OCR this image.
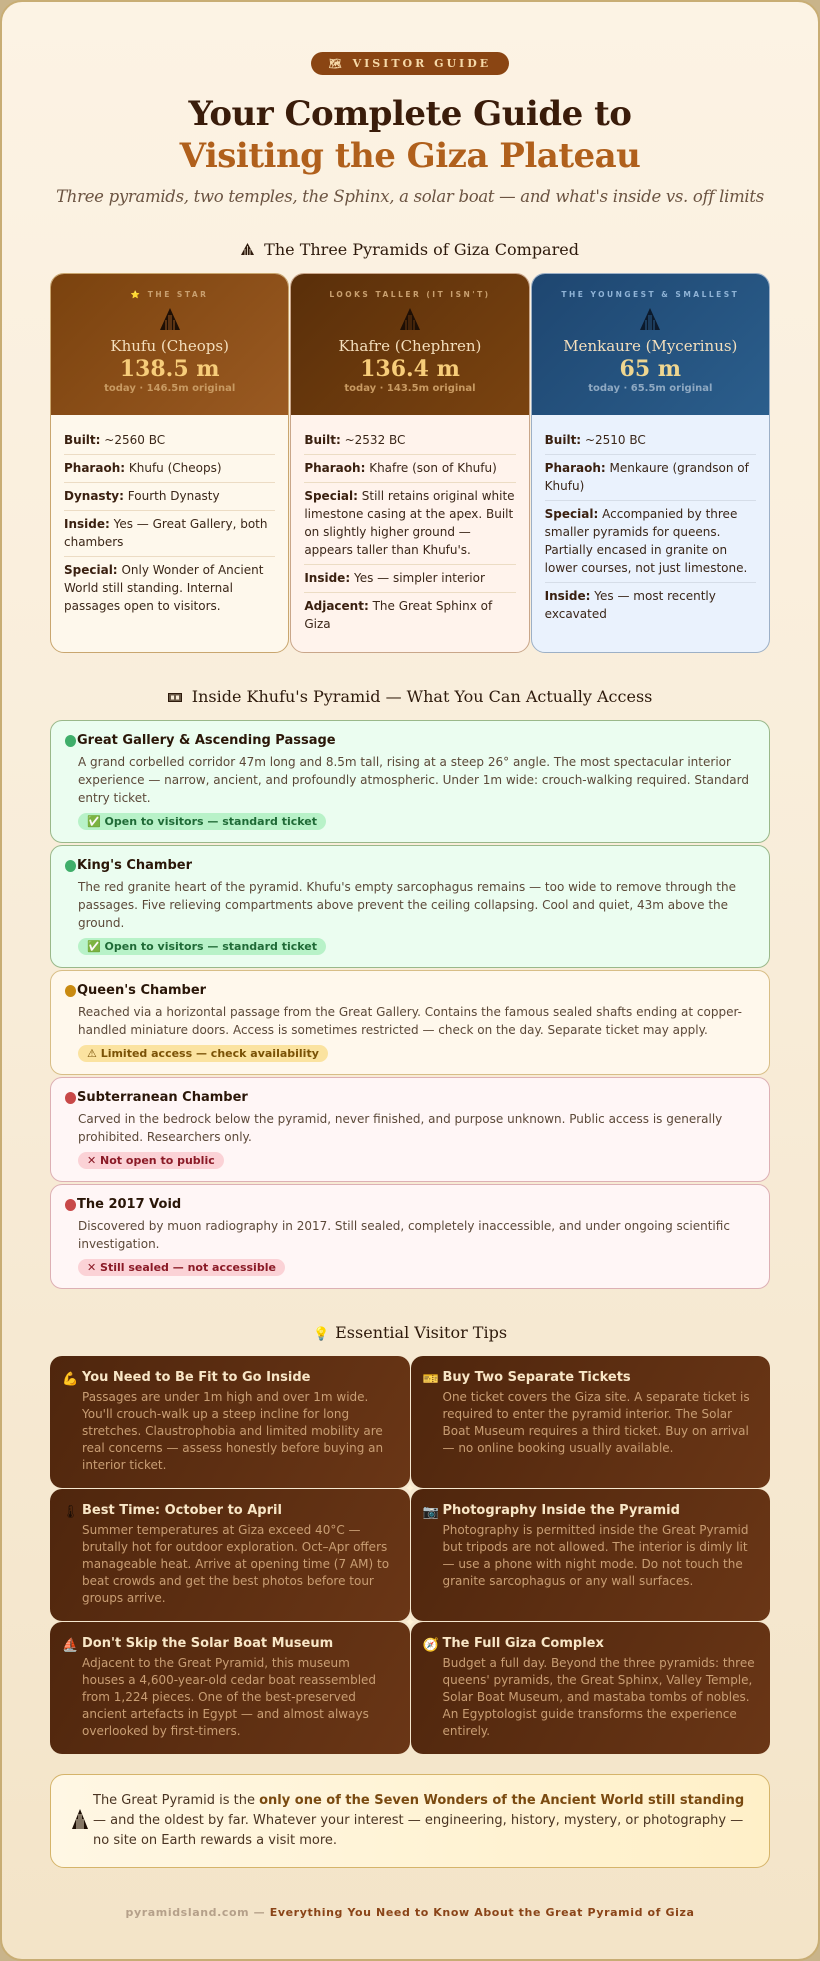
🗺 VISITOR GUIDE
Your Complete Guide to
Visiting the Giza Plateau
Three pyramids, two temples, the Sphinx, a solar boat — and what's inside vs. off limits
The Three Pyramids of Giza Compared
⭐ THE STAR
Khufu (Cheops)
138.5 m
today · 146.5m original
Built: ~2560 BC
Pharaoh: Khufu (Cheops)
Dynasty: Fourth Dynasty
Inside: Yes — Great Gallery, both chambers
Special: Only Wonder of Ancient World still standing. Internal passages open to visitors.
LOOKS TALLER (IT ISN'T)
Khafre (Chephren)
136.4 m
today · 143.5m original
Built: ~2532 BC
Pharaoh: Khafre (son of Khufu)
Special: Still retains original white limestone casing at the apex. Built on slightly higher ground — appears taller than Khufu's.
Inside: Yes — simpler interior
Adjacent: The Great Sphinx of Giza
THE YOUNGEST & SMALLEST
Menkaure (Mycerinus)
65 m
today · 65.5m original
Built: ~2510 BC
Pharaoh: Menkaure (grandson of Khufu)
Special: Accompanied by three smaller pyramids for queens. Partially encased in granite on lower courses, not just limestone.
Inside: Yes — most recently excavated
Inside Khufu's Pyramid — What You Can Actually Access
Great Gallery & Ascending Passage
A grand corbelled corridor 47m long and 8.5m tall, rising at a steep 26° angle. The most spectacular interior experience — narrow, ancient, and profoundly atmospheric. Under 1m wide: crouch-walking required. Standard entry ticket.
✅ Open to visitors — standard ticket
King's Chamber
The red granite heart of the pyramid. Khufu's empty sarcophagus remains — too wide to remove through the passages. Five relieving compartments above prevent the ceiling collapsing. Cool and quiet, 43m above the ground.
✅ Open to visitors — standard ticket
Queen's Chamber
Reached via a horizontal passage from the Great Gallery. Contains the famous sealed shafts ending at copper-handled miniature doors. Access is sometimes restricted — check on the day. Separate ticket may apply.
⚠ Limited access — check availability
Subterranean Chamber
Carved in the bedrock below the pyramid, never finished, and purpose unknown. Public access is generally prohibited. Researchers only.
✕ Not open to public
The 2017 Void
Discovered by muon radiography in 2017. Still sealed, completely inaccessible, and under ongoing scientific investigation.
✕ Still sealed — not accessible
💡 Essential Visitor Tips
💪 You Need to Be Fit to Go Inside
Passages are under 1m high and over 1m wide. You'll crouch-walk up a steep incline for long stretches. Claustrophobia and limited mobility are real concerns — assess honestly before buying an interior ticket.
🎫 Buy Two Separate Tickets
One ticket covers the Giza site. A separate ticket is required to enter the pyramid interior. The Solar Boat Museum requires a third ticket. Buy on arrival — no online booking usually available.
🌡 Best Time: October to April
Summer temperatures at Giza exceed 40°C — brutally hot for outdoor exploration. Oct–Apr offers manageable heat. Arrive at opening time (7 AM) to beat crowds and get the best photos before tour groups arrive.
📷 Photography Inside the Pyramid
Photography is permitted inside the Great Pyramid but tripods are not allowed. The interior is dimly lit — use a phone with night mode. Do not touch the granite sarcophagus or any wall surfaces.
⛵ Don't Skip the Solar Boat Museum
Adjacent to the Great Pyramid, this museum houses a 4,600-year-old cedar boat reassembled from 1,224 pieces. One of the best-preserved ancient artefacts in Egypt — and almost always overlooked by first-timers.
🧭 The Full Giza Complex
Budget a full day. Beyond the three pyramids: three queens' pyramids, the Great Sphinx, Valley Temple, Solar Boat Museum, and mastaba tombs of nobles. An Egyptologist guide transforms the experience entirely.
✦
✦
The Great Pyramid is the only one of the Seven Wonders of the Ancient World still standing — and the oldest by far. Whatever your interest — engineering, history, mystery, or photography — no site on Earth rewards a visit more.
pyramidsland.com — Everything You Need to Know About the Great Pyramid of Giza
